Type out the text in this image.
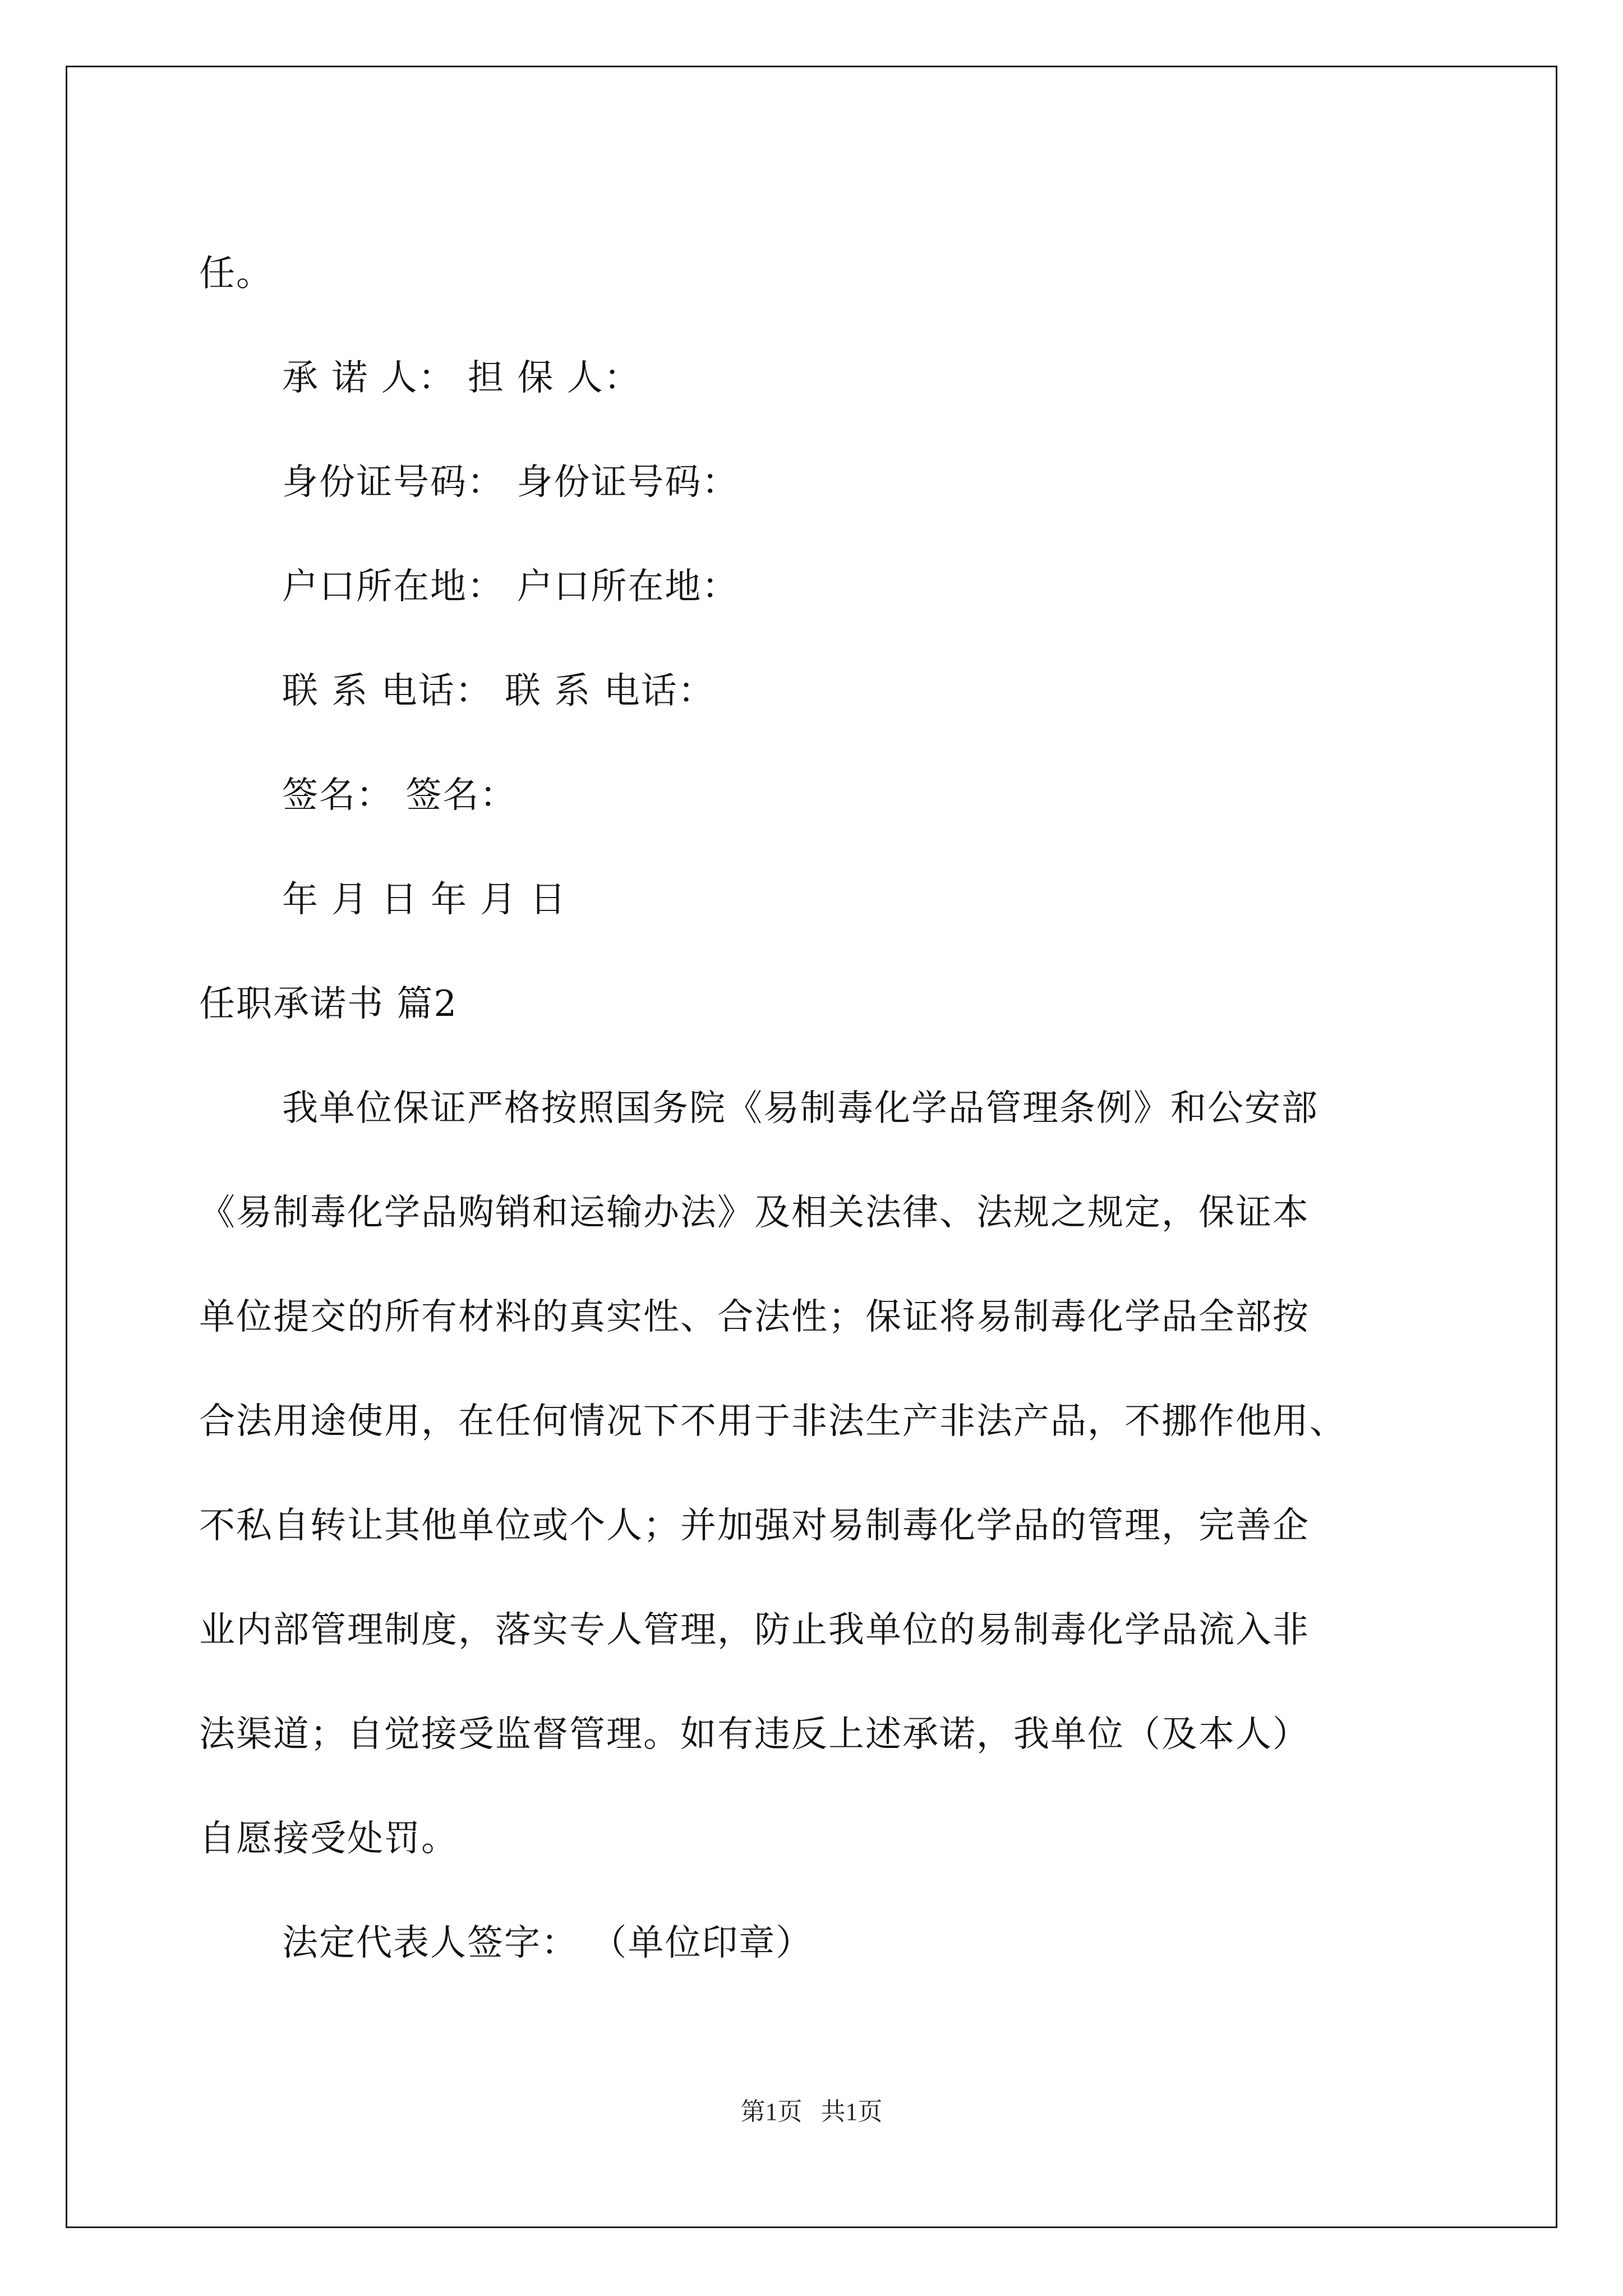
任。
承 诺 人： 担 保 人：
身份证号码： 身份证号码：
户口所在地： 户口所在地：
联 系 电话： 联 系 电话：
签名： 签名：
年 月 日 年 月 日
任职承诺书 篇2
我单位保证严格按照国务院《易制毒化学品管理条例》和公安部
《易制毒化学品购销和运输办法》及相关法律、法规之规定，保证本
单位提交的所有材料的真实性、合法性；保证将易制毒化学品全部按
合法用途使用，在任何情况下不用于非法生产非法产品，不挪作他用、
不私自转让其他单位或个人；并加强对易制毒化学品的管理，完善企
业内部管理制度，落实专人管理，防止我单位的易制毒化学品流入非
法渠道；自觉接受监督管理。如有违反上述承诺，我单位（及本人）
自愿接受处罚。
法定代表人签字： （单位印章）
第1页   共1页
